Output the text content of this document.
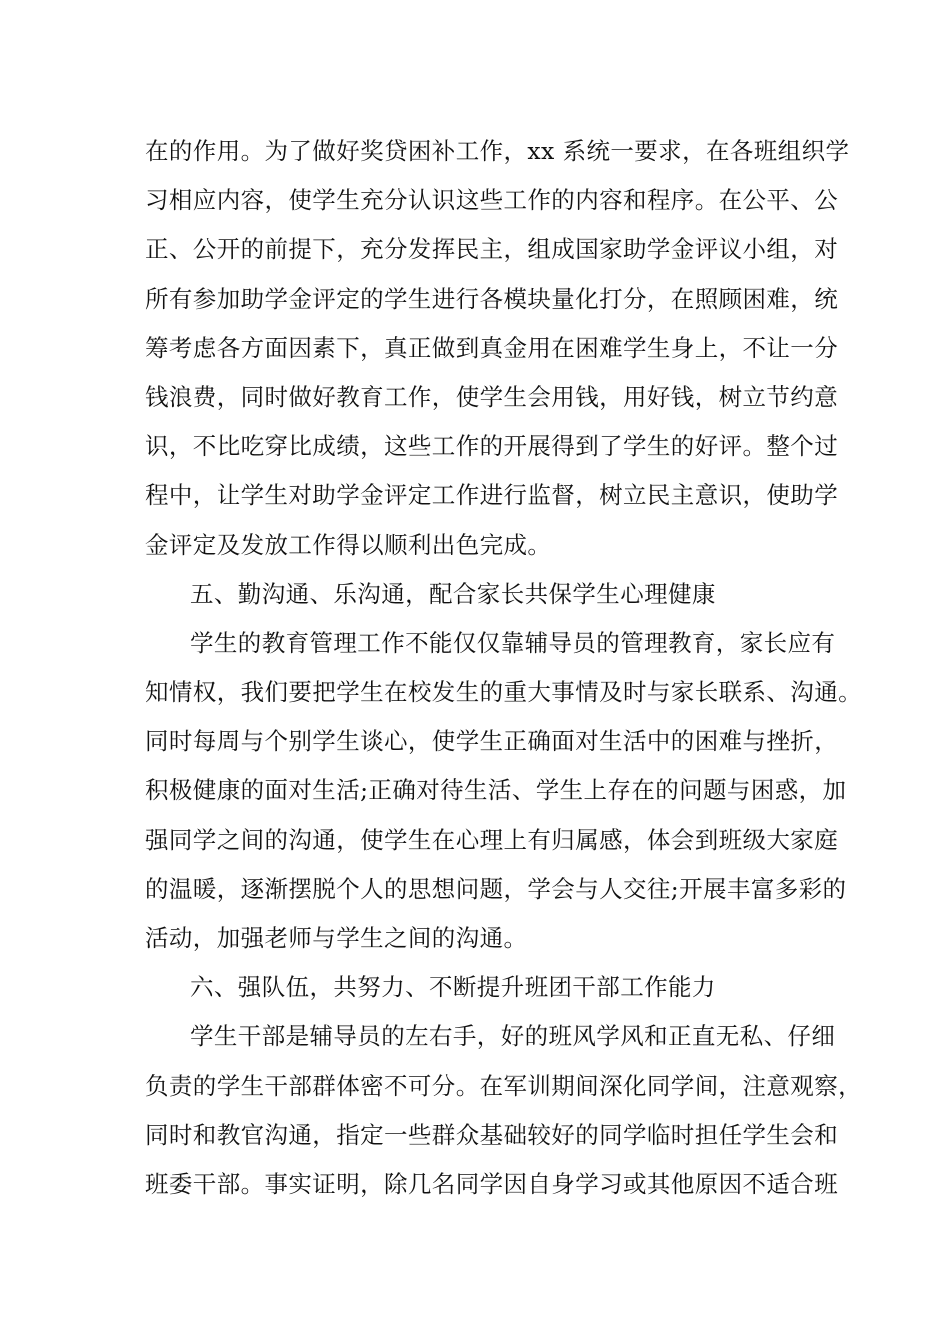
在的作用。为了做好奖贷困补工作，xx 系统一要求，在各班组织学
习相应内容，使学生充分认识这些工作的内容和程序。在公平、公
正、公开的前提下，充分发挥民主，组成国家助学金评议小组，对
所有参加助学金评定的学生进行各模块量化打分，在照顾困难，统
筹考虑各方面因素下，真正做到真金用在困难学生身上，不让一分
钱浪费，同时做好教育工作，使学生会用钱，用好钱，树立节约意
识，不比吃穿比成绩，这些工作的开展得到了学生的好评。整个过
程中，让学生对助学金评定工作进行监督，树立民主意识，使助学
金评定及发放工作得以顺利出色完成。
五、勤沟通、乐沟通，配合家长共保学生心理健康
学生的教育管理工作不能仅仅靠辅导员的管理教育，家长应有
知情权，我们要把学生在校发生的重大事情及时与家长联系、沟通。
同时每周与个别学生谈心，使学生正确面对生活中的困难与挫折，
积极健康的面对生活;正确对待生活、学生上存在的问题与困惑，加
强同学之间的沟通，使学生在心理上有归属感，体会到班级大家庭
的温暖，逐渐摆脱个人的思想问题，学会与人交往;开展丰富多彩的
活动，加强老师与学生之间的沟通。
六、强队伍，共努力、不断提升班团干部工作能力
学生干部是辅导员的左右手，好的班风学风和正直无私、仔细
负责的学生干部群体密不可分。在军训期间深化同学间，注意观察，
同时和教官沟通，指定一些群众基础较好的同学临时担任学生会和
班委干部。事实证明，除几名同学因自身学习或其他原因不适合班
